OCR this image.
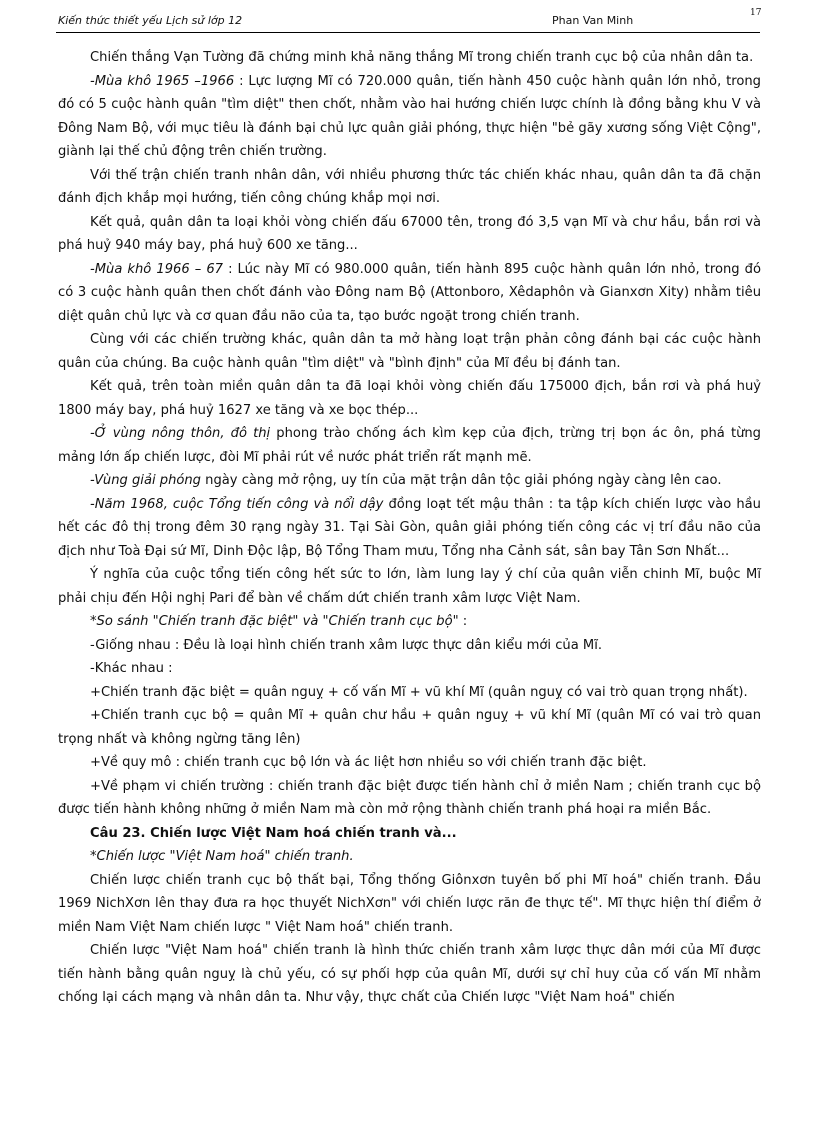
Kiến thức thiết yếu Lịch sử lớp 12	Phan Van Minh
17

Chiến thắng Vạn Tường đã chứng minh khả năng thắng Mĩ trong chiến tranh cục bộ của nhân dân ta.

-Mùa khô 1965 –1966 : Lực lượng Mĩ có 720.000 quân, tiến hành 450 cuộc hành quân lớn nhỏ, trong đó có 5 cuộc hành quân "tìm diệt" then chốt, nhằm vào hai hướng chiến lược chính là đồng bằng khu V và Đông Nam Bộ, với mục tiêu là đánh bại chủ lực quân giải phóng, thực hiện "bẻ gãy xương sống Việt Cộng", giành lại thế chủ động trên chiến trường.

Với thế trận chiến tranh nhân dân, với nhiều phương thức tác chiến khác nhau, quân dân ta đã chặn đánh địch khắp mọi hướng, tiến công chúng khắp mọi nơi.

Kết quả, quân dân ta loại khỏi vòng chiến đấu 67000 tên, trong đó 3,5 vạn Mĩ và chư hầu, bắn rơi và phá huỷ 940 máy bay, phá huỷ 600 xe tăng...

-Mùa khô 1966 – 67 : Lúc này Mĩ có 980.000 quân, tiến hành 895 cuộc hành quân lớn nhỏ, trong đó có 3 cuộc hành quân then chốt đánh vào Đông nam Bộ (Attonboro, Xêdaphôn và Gianxơn Xity) nhằm tiêu diệt quân chủ lực và cơ quan đầu não của ta, tạo bước ngoặt trong chiến tranh.

Cùng với các chiến trường khác, quân dân ta mở hàng loạt trận phản công đánh bại các cuộc hành quân của chúng. Ba cuộc hành quân "tìm diệt" và "bình định" của Mĩ đều bị đánh tan.

Kết quả, trên toàn miền quân dân ta đã loại khỏi vòng chiến đấu 175000 địch, bắn rơi và phá huỷ 1800 máy bay, phá huỷ 1627 xe tăng và xe bọc thép...

-Ở vùng nông thôn, đô thị phong trào chống ách kìm kẹp của địch, trừng trị bọn ác ôn, phá từng mảng lớn ấp chiến lược, đòi Mĩ phải rút về nước phát triển rất mạnh mẽ.

-Vùng giải phóng ngày càng mở rộng, uy tín của mặt trận dân tộc giải phóng ngày càng lên cao.

-Năm 1968, cuộc Tổng tiến công và nổi dậy đồng loạt tết mậu thân : ta tập kích chiến lược vào hầu hết các đô thị trong đêm 30 rạng ngày 31. Tại Sài Gòn, quân giải phóng tiến công các vị trí đầu não của địch như Toà Đại sứ Mĩ, Dinh Độc lập, Bộ Tổng Tham mưu, Tổng nha Cảnh sát, sân bay Tân Sơn Nhất...

Ý nghĩa của cuộc tổng tiến công hết sức to lớn, làm lung lay ý chí của quân viễn chinh Mĩ, buộc Mĩ phải chịu đến Hội nghị Pari để bàn về chấm dứt chiến tranh xâm lược Việt Nam.

*So sánh "Chiến tranh đặc biệt" và "Chiến tranh cục bộ" :

-Giống nhau : Đều là loại hình chiến tranh xâm lược thực dân kiểu mới của Mĩ.

-Khác nhau :

+Chiến tranh đặc biệt = quân nguỵ + cố vấn Mĩ + vũ khí Mĩ (quân nguỵ có vai trò quan trọng nhất).

+Chiến tranh cục bộ = quân Mĩ + quân chư hầu + quân nguỵ + vũ khí Mĩ (quân Mĩ có vai trò quan trọng nhất và không ngừng tăng lên)

+Về quy mô : chiến tranh cục bộ lớn và ác liệt hơn nhiều so với chiến tranh đặc biệt.

+Về phạm vi chiến trường : chiến tranh đặc biệt được tiến hành chỉ ở miền Nam ; chiến tranh cục bộ được tiến hành không những ở miền Nam mà còn mở rộng thành chiến tranh phá hoại ra miền Bắc.

Câu 23. Chiến lược Việt Nam hoá chiến tranh và...

*Chiến lược "Việt Nam hoá" chiến tranh.

Chiến lược chiến tranh cục bộ thất bại, Tổng thống Giônxơn tuyên bố phi Mĩ hoá" chiến tranh. Đầu 1969 NichXơn lên thay đưa ra học thuyết NichXơn" với chiến lược răn đe thực tế". Mĩ thực hiện thí điểm ở miền Nam Việt Nam chiến lược " Việt Nam hoá" chiến tranh.

Chiến lược "Việt Nam hoá" chiến tranh là hình thức chiến tranh xâm lược thực dân mới của Mĩ được tiến hành bằng quân nguỵ là chủ yếu, có sự phối hợp của quân Mĩ, dưới sự chỉ huy của cố vấn Mĩ nhằm chống lại cách mạng và nhân dân ta. Như vậy, thực chất của Chiến lược "Việt Nam hoá" chiến
